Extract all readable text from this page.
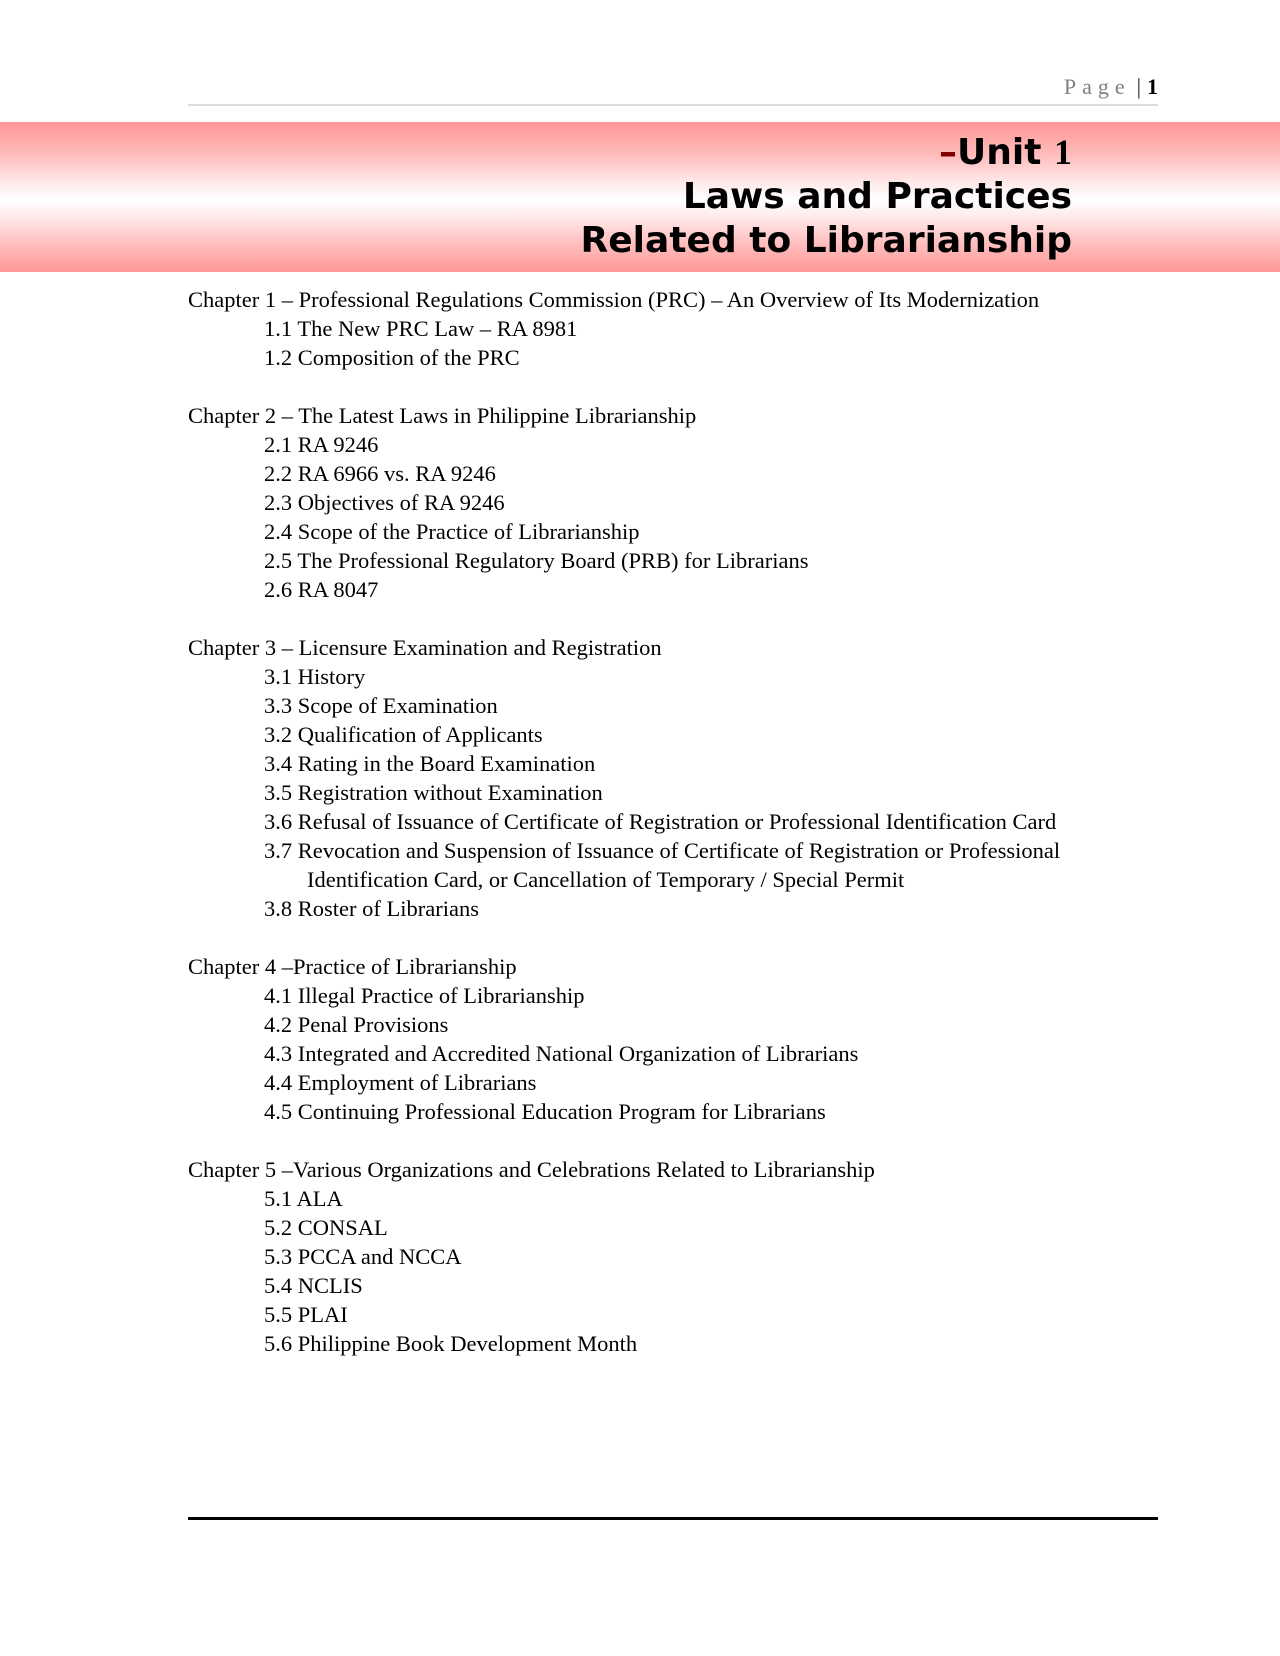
Page | 1
–Unit 1
Laws and Practices
Related to Librarianship
Chapter 1 – Professional Regulations Commission (PRC) – An Overview of Its Modernization
1.1 The New PRC Law – RA 8981
1.2 Composition of the PRC
Chapter 2 – The Latest Laws in Philippine Librarianship
2.1 RA 9246
2.2 RA 6966 vs. RA 9246
2.3 Objectives of RA 9246
2.4 Scope of the Practice of Librarianship
2.5 The Professional Regulatory Board (PRB) for Librarians
2.6 RA 8047
Chapter 3 – Licensure Examination and Registration
3.1 History
3.3 Scope of Examination
3.2 Qualification of Applicants
3.4 Rating in the Board Examination
3.5 Registration without Examination
3.6 Refusal of Issuance of Certificate of Registration or Professional Identification Card
3.7 Revocation and Suspension of Issuance of Certificate of Registration or Professional Identification Card, or Cancellation of Temporary / Special Permit
3.8 Roster of Librarians
Chapter 4 –Practice of Librarianship
4.1 Illegal Practice of Librarianship
4.2 Penal Provisions
4.3 Integrated and Accredited National Organization of Librarians
4.4 Employment of Librarians
4.5 Continuing Professional Education Program for Librarians
Chapter 5 –Various Organizations and Celebrations Related to Librarianship
5.1 ALA
5.2 CONSAL
5.3 PCCA and NCCA
5.4 NCLIS
5.5 PLAI
5.6 Philippine Book Development Month
